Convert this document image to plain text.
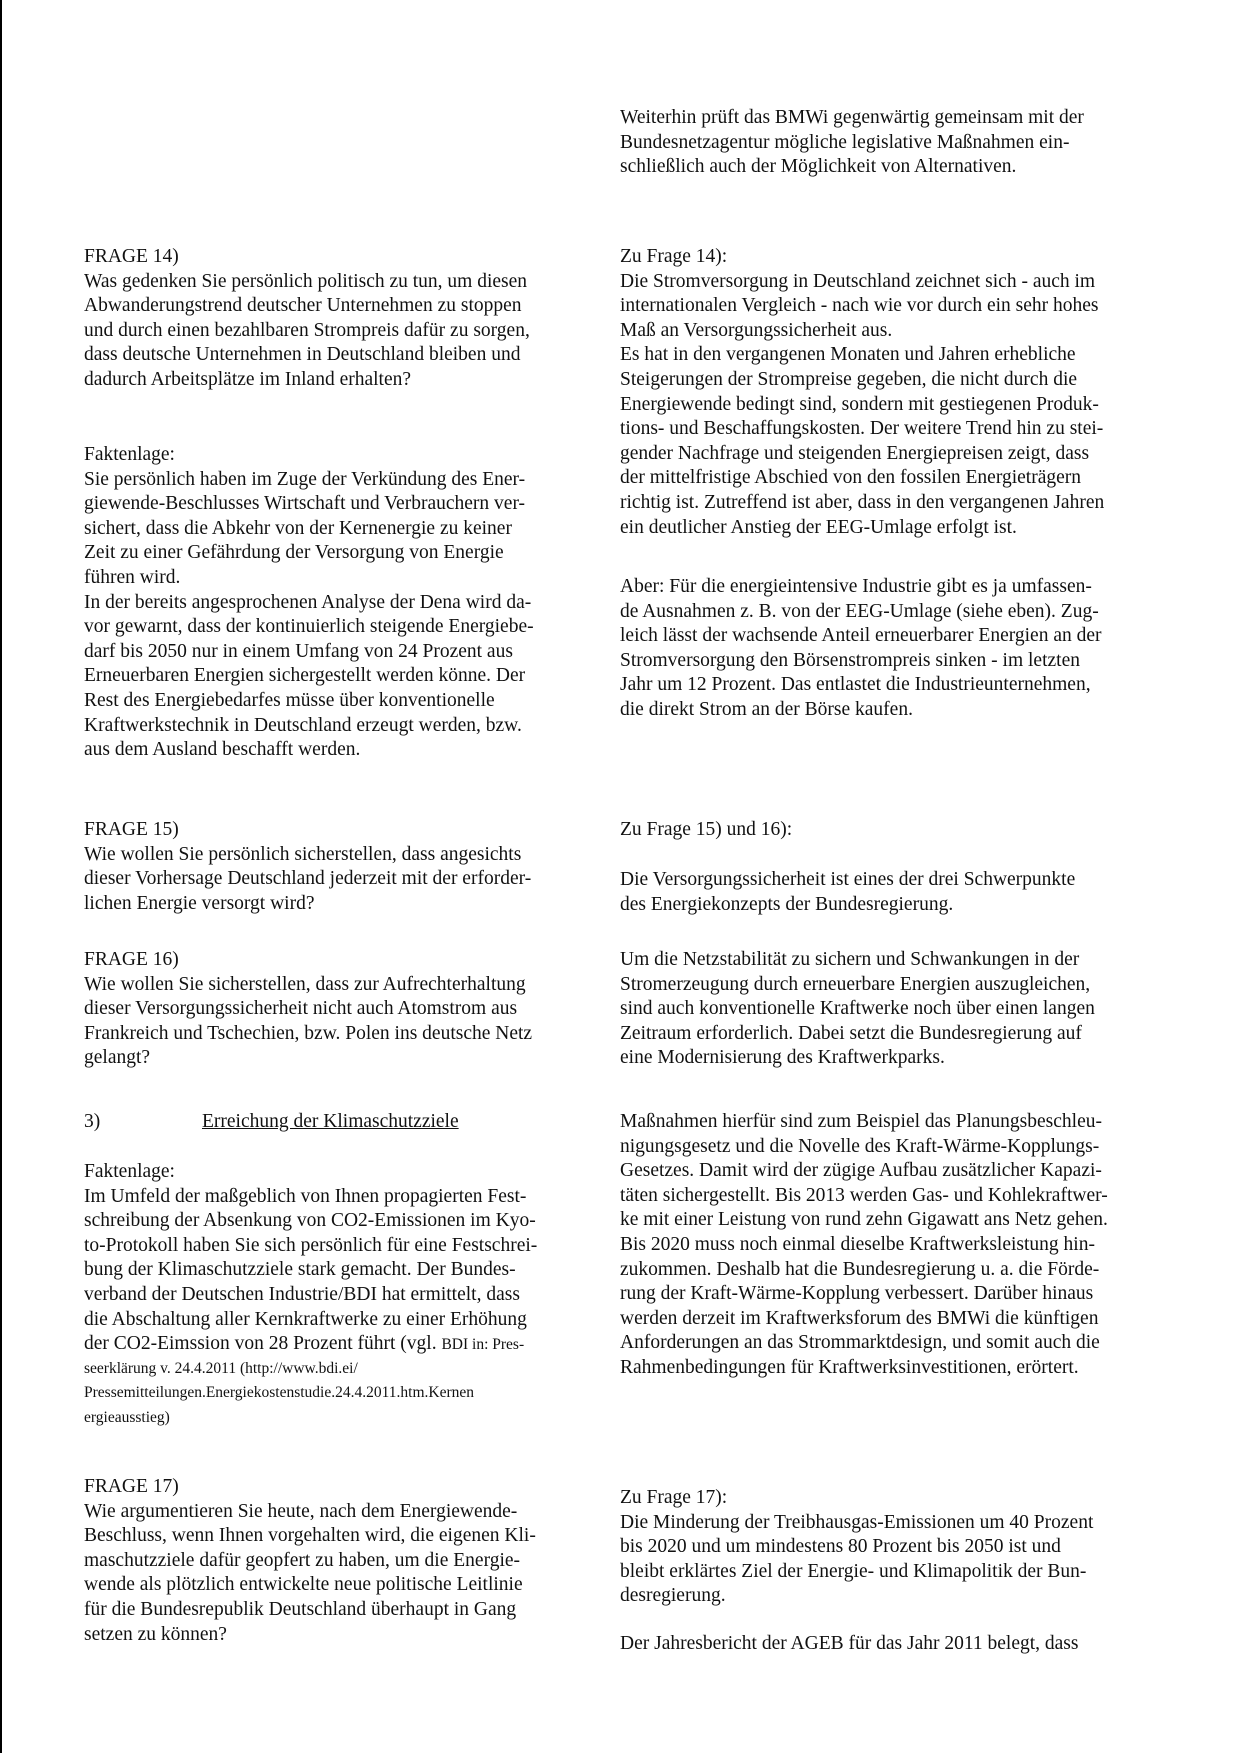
Weiterhin prüft das BMWi gegenwärtig gemeinsam mit der
Bundesnetzagentur mögliche legislative Maßnahmen ein-
schließlich auch der Möglichkeit von Alternativen.
FRAGE 14)
Was gedenken Sie persönlich politisch zu tun, um diesen
Abwanderungstrend deutscher Unternehmen zu stoppen
und durch einen bezahlbaren Strompreis dafür zu sorgen,
dass deutsche Unternehmen in Deutschland bleiben und
dadurch Arbeitsplätze im Inland erhalten?
Faktenlage:
Sie persönlich haben im Zuge der Verkündung des Ener-
giewende-Beschlusses Wirtschaft und Verbrauchern ver-
sichert, dass die Abkehr von der Kernenergie zu keiner
Zeit zu einer Gefährdung der Versorgung von Energie
führen wird.
In der bereits angesprochenen Analyse der Dena wird da-
vor gewarnt, dass der kontinuierlich steigende Energiebe-
darf bis 2050 nur in einem Umfang von 24 Prozent aus
Erneuerbaren Energien sichergestellt werden könne. Der
Rest des Energiebedarfes müsse über konventionelle
Kraftwerkstechnik in Deutschland erzeugt werden, bzw.
aus dem Ausland beschafft werden.
Zu Frage 14):
Die Stromversorgung in Deutschland zeichnet sich - auch im
internationalen Vergleich - nach wie vor durch ein sehr hohes
Maß an Versorgungssicherheit aus.
Es hat in den vergangenen Monaten und Jahren erhebliche
Steigerungen der Strompreise gegeben, die nicht durch die
Energiewende bedingt sind, sondern mit gestiegenen Produk-
tions- und Beschaffungskosten. Der weitere Trend hin zu stei-
gender Nachfrage und steigenden Energiepreisen zeigt, dass
der mittelfristige Abschied von den fossilen Energieträgern
richtig ist. Zutreffend ist aber, dass in den vergangenen Jahren
ein deutlicher Anstieg der EEG-Umlage erfolgt ist.
Aber: Für die energieintensive Industrie gibt es ja umfassen-
de Ausnahmen z. B. von der EEG-Umlage (siehe eben). Zug-
leich lässt der wachsende Anteil erneuerbarer Energien an der
Stromversorgung den Börsenstrompreis sinken - im letzten
Jahr um 12 Prozent. Das entlastet die Industrieunternehmen,
die direkt Strom an der Börse kaufen.
FRAGE 15)
Wie wollen Sie persönlich sicherstellen, dass angesichts
dieser Vorhersage Deutschland jederzeit mit der erforder-
lichen Energie versorgt wird?
FRAGE 16)
Wie wollen Sie sicherstellen, dass zur Aufrechterhaltung
dieser Versorgungssicherheit nicht auch Atomstrom aus
Frankreich und Tschechien, bzw. Polen ins deutsche Netz
gelangt?
Zu Frage 15) und 16):
Die Versorgungssicherheit ist eines der drei Schwerpunkte
des Energiekonzepts der Bundesregierung.
Um die Netzstabilität zu sichern und Schwankungen in der
Stromerzeugung durch erneuerbare Energien auszugleichen,
sind auch konventionelle Kraftwerke noch über einen langen
Zeitraum erforderlich. Dabei setzt die Bundesregierung auf
eine Modernisierung des Kraftwerkparks.
Maßnahmen hierfür sind zum Beispiel das Planungsbeschleu-
nigungsgesetz und die Novelle des Kraft-Wärme-Kopplungs-
Gesetzes. Damit wird der zügige Aufbau zusätzlicher Kapazi-
täten sichergestellt. Bis 2013 werden Gas- und Kohlekraftwer-
ke mit einer Leistung von rund zehn Gigawatt ans Netz gehen.
Bis 2020 muss noch einmal dieselbe Kraftwerksleistung hin-
zukommen. Deshalb hat die Bundesregierung u. a. die Förde-
rung der Kraft-Wärme-Kopplung verbessert. Darüber hinaus
werden derzeit im Kraftwerksforum des BMWi die künftigen
Anforderungen an das Strommarktdesign, und somit auch die
Rahmenbedingungen für Kraftwerksinvestitionen, erörtert.
3)	Erreichung der Klimaschutzziele
Faktenlage:
Im Umfeld der maßgeblich von Ihnen propagierten Fest-
schreibung der Absenkung von CO2-Emissionen im Kyo-
to-Protokoll haben Sie sich persönlich für eine Festschrei-
bung der Klimaschutzziele stark gemacht. Der Bundes-
verband der Deutschen Industrie/BDI hat ermittelt, dass
die Abschaltung aller Kernkraftwerke zu einer Erhöhung
der CO2-Eimssion von 28 Prozent führt (vgl. BDI in: Pres-
seerklärung v. 24.4.2011 (http://www.bdi.ei/
Pressemitteilungen.Energiekostenstudie.24.4.2011.htm.Kernen
ergieausstieg)
FRAGE 17)
Wie argumentieren Sie heute, nach dem Energiewende-
Beschluss, wenn Ihnen vorgehalten wird, die eigenen Kli-
maschutzziele dafür geopfert zu haben, um die Energie-
wende als plötzlich entwickelte neue politische Leitlinie
für die Bundesrepublik Deutschland überhaupt in Gang
setzen zu können?
Zu Frage 17):
Die Minderung der Treibhausgas-Emissionen um 40 Prozent
bis 2020 und um mindestens 80 Prozent bis 2050 ist und
bleibt erklärtes Ziel der Energie- und Klimapolitik der Bun-
desregierung.
Der Jahresbericht der AGEB für das Jahr 2011 belegt, dass
